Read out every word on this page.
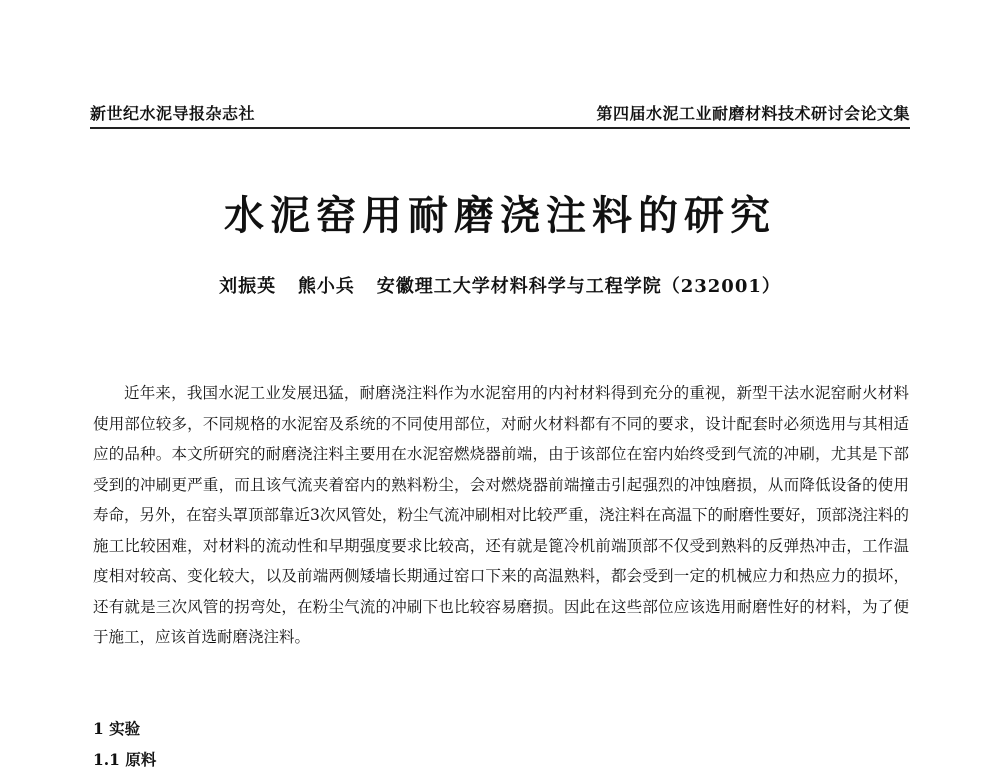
新世纪水泥导报杂志社	第四届水泥工业耐磨材料技术研讨会论文集
水泥窑用耐磨浇注料的研究
刘振英   熊小兵   安徽理工大学材料科学与工程学院（232001）

近年来，我国水泥工业发展迅猛，耐磨浇注料作为水泥窑用的内衬材料得到充分的重视，新型干法水泥窑耐火材料使用部位较多，不同规格的水泥窑及系统的不同使用部位，对耐火材料都有不同的要求，设计配套时必须选用与其相适应的品种。本文所研究的耐磨浇注料主要用在水泥窑燃烧器前端，由于该部位在窑内始终受到气流的冲刷，尤其是下部受到的冲刷更严重，而且该气流夹着窑内的熟料粉尘，会对燃烧器前端撞击引起强烈的冲蚀磨损，从而降低设备的使用寿命，另外，在窑头罩顶部靠近3次风管处，粉尘气流冲刷相对比较严重，浇注料在高温下的耐磨性要好，顶部浇注料的施工比较困难，对材料的流动性和早期强度要求比较高，还有就是篦冷机前端顶部不仅受到熟料的反弹热冲击，工作温度相对较高、变化较大，以及前端两侧矮墙长期通过窑口下来的高温熟料，都会受到一定的机械应力和热应力的损坏，还有就是三次风管的拐弯处，在粉尘气流的冲刷下也比较容易磨损。因此在这些部位应该选用耐磨性好的材料，为了便于施工，应该首选耐磨浇注料。

1 实验
1.1 原料
